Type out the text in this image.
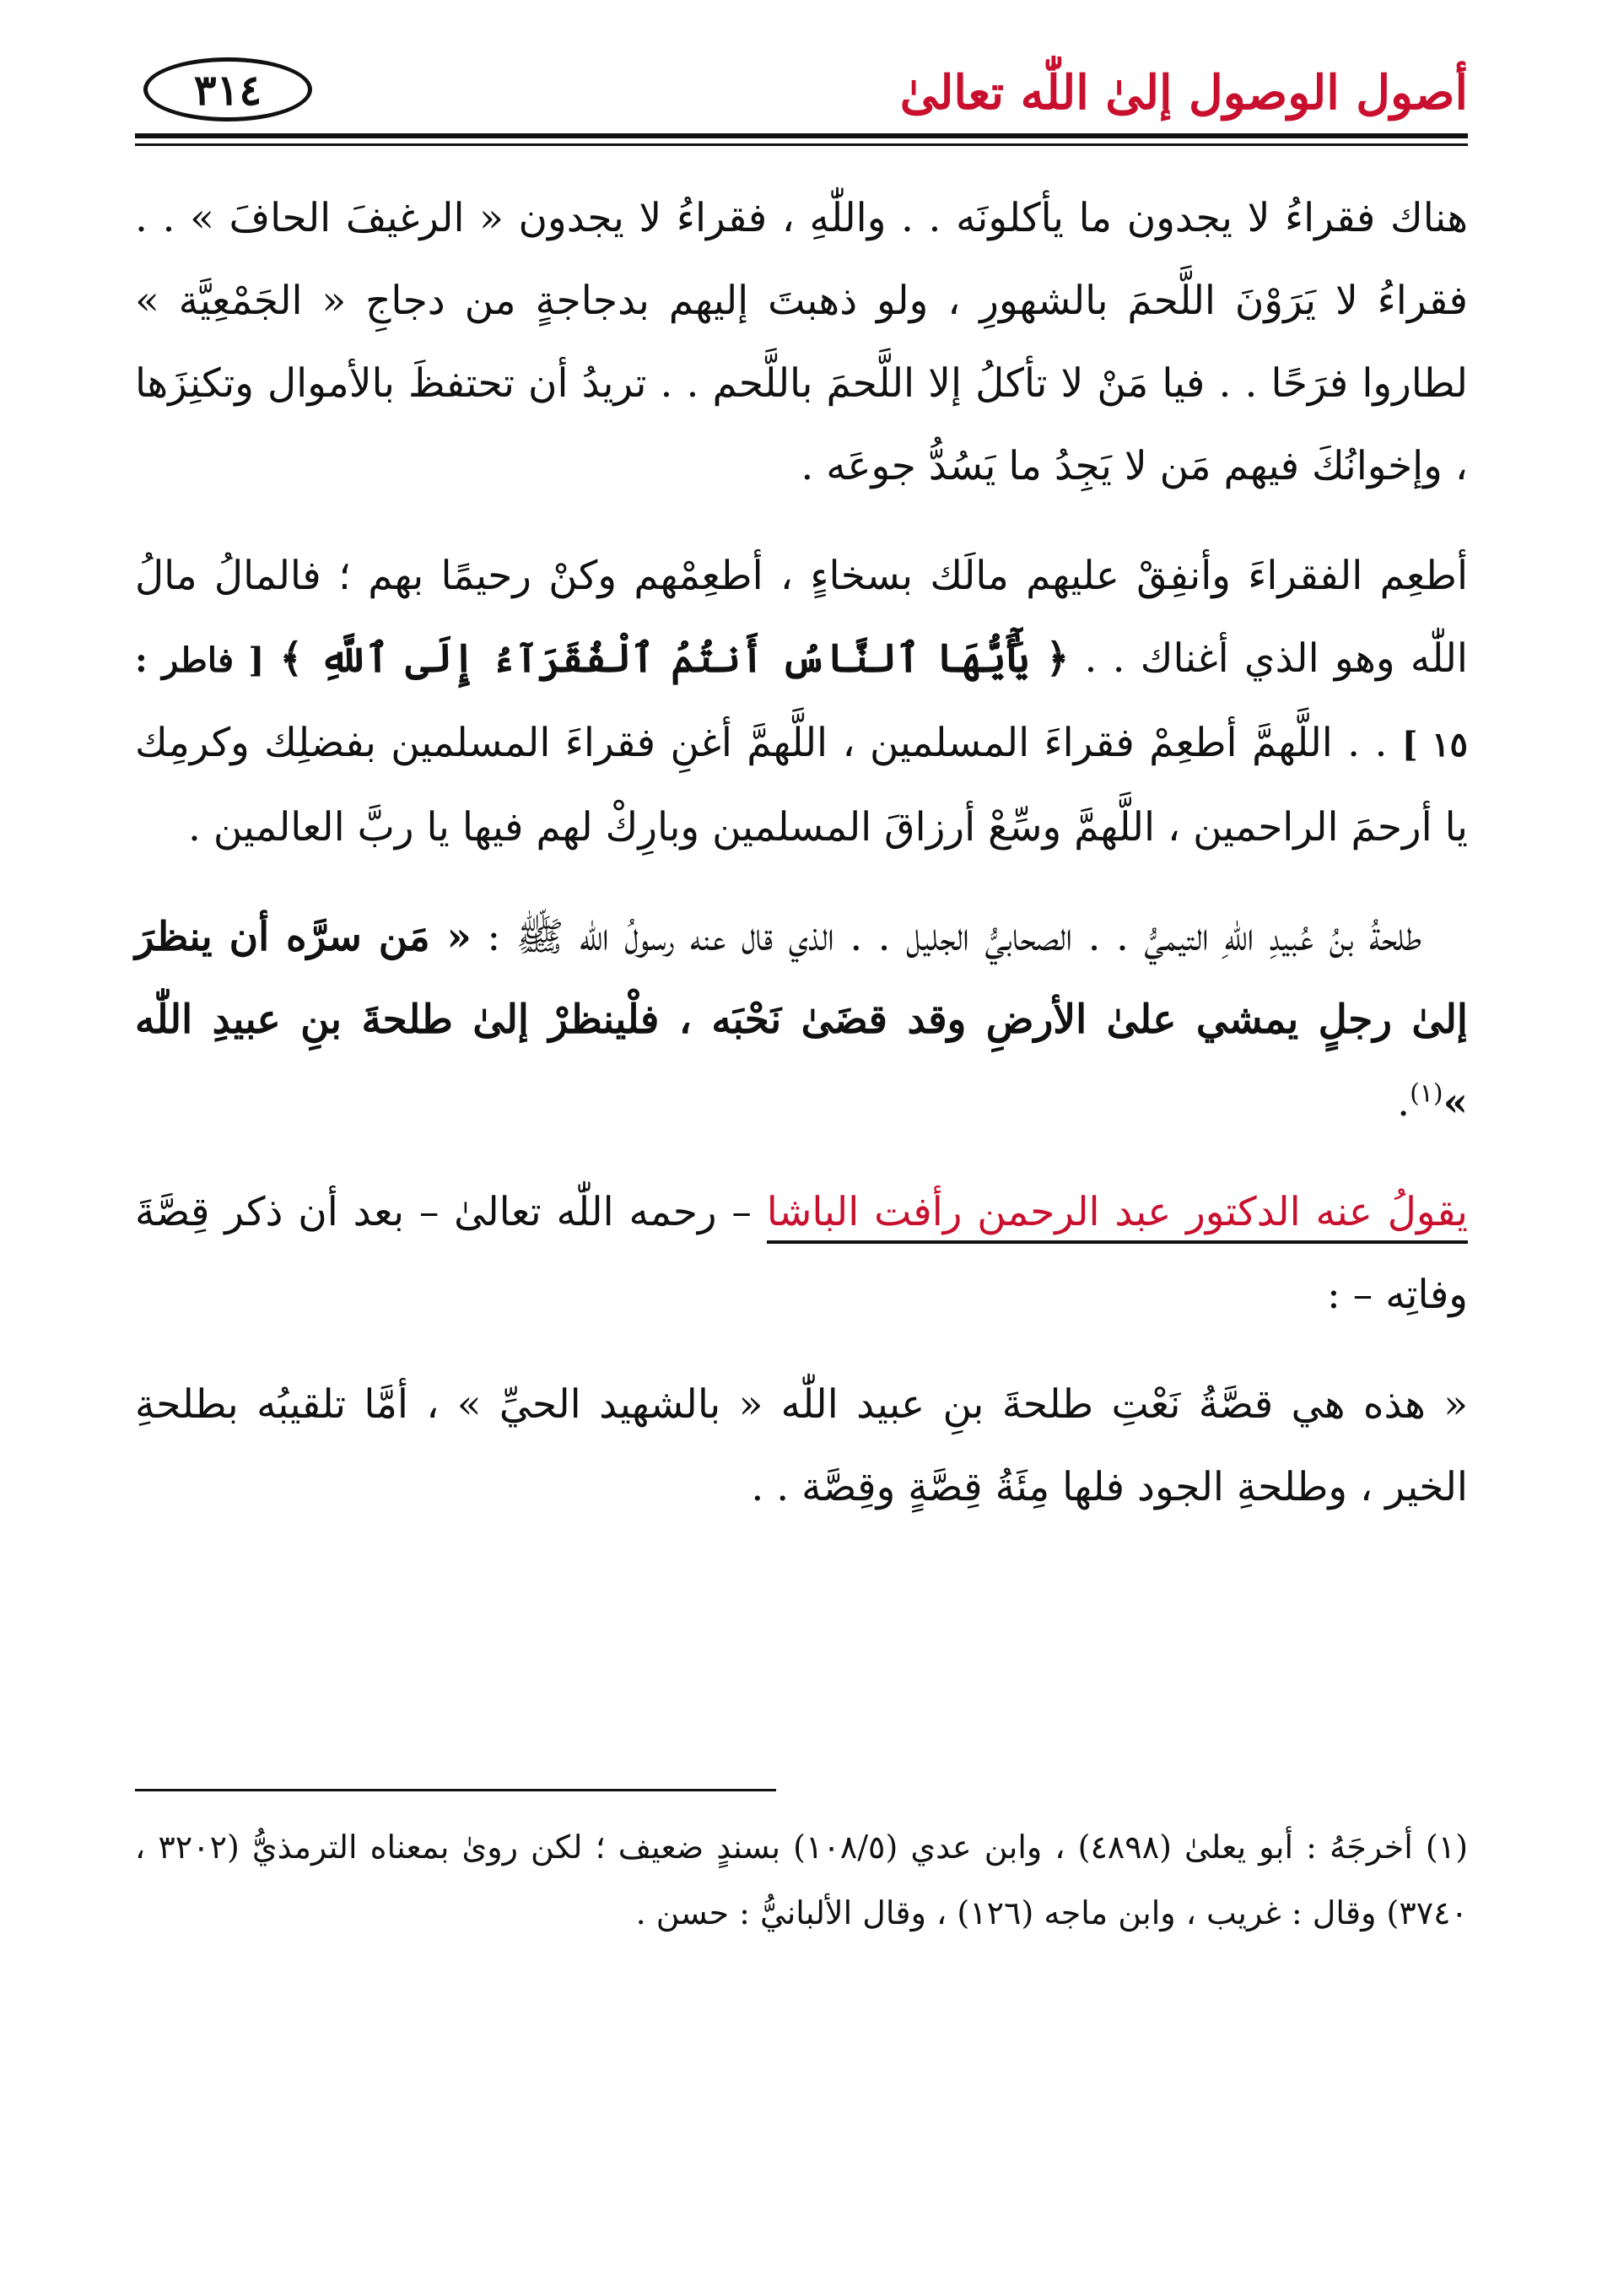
أصول الوصول إلىٰ اللّٰه تعالىٰ
٣١٤

هناك فقراءُ لا يجدون ما يأكلونَه . . واللّٰهِ ، فقراءُ لا يجدون « الرغيفَ الحافَ » . . فقراءُ لا يَرَوْنَ اللَّحمَ بالشهورِ ، ولو ذهبتَ إليهم بدجاجةٍ من دجاجِ « الجَمْعِيَّة » لطاروا فرَحًا . . فيا مَنْ لا تأكلُ إلا اللَّحمَ باللَّحم . . تريدُ أن تحتفظَ بالأموال وتكنِزَها ، وإخوانُكَ فيهم مَن لا يَجِدُ ما يَسُدُّ جوعَه .

أطعِم الفقراءَ وأنفِقْ عليهم مالَك بسخاءٍ ، أطعِمْهم وكنْ رحيمًا بهم ؛ فالمالُ مالُ اللّٰه وهو الذي أغناك . . ﴿ يَٰٓأَيُّهَا ٱلنَّاسُ أَنتُمُ ٱلْفُقَرَآءُ إِلَى ٱللَّهِ ﴾ [ فاطر : ١٥ ] . . اللَّهمَّ أطعِمْ فقراءَ المسلمين ، اللَّهمَّ أغنِ فقراءَ المسلمين بفضلِك وكرمِك يا أرحمَ الراحمين ، اللَّهمَّ وسِّعْ أرزاقَ المسلمين وبارِكْ لهم فيها يا ربَّ العالمين .

طلحةُ بنُ عُبيدِ اللّٰهِ التيميُّ . . الصحابيُّ الجليل . . الذي قال عنه رسولُ اللّٰه ﷺ : « مَن سرَّه أن ينظرَ إلىٰ رجلٍ يمشي علىٰ الأرضِ وقد قضَىٰ نَحْبَه ، فلْينظرْ إلىٰ طلحةَ بنِ عبيدِ اللّٰه »$^{(١)}$.

يقولُ عنه الدكتور عبد الرحمن رأفت الباشا – رحمه اللّٰه تعالىٰ – بعد أن ذكر قِصَّةَ وفاتِه – :

« هذه هي قصَّةُ نَعْتِ طلحةَ بنِ عبيد اللّٰه « بالشهيد الحيِّ » ، أمَّا تلقيبُه بطلحةِ الخير ، وطلحةِ الجود فلها مِئَةُ قِصَّةٍ وقِصَّة . .

(١) أخرجَهُ : أبو يعلىٰ (٤٨٩٨) ، وابن عدي (١٠٨/٥) بسندٍ ضعيف ؛ لكن روىٰ بمعناه الترمذيُّ (٣٢٠٢ ، ٣٧٤٠) وقال : غريب ، وابن ماجه (١٢٦) ، وقال الألبانيُّ : حسن .
